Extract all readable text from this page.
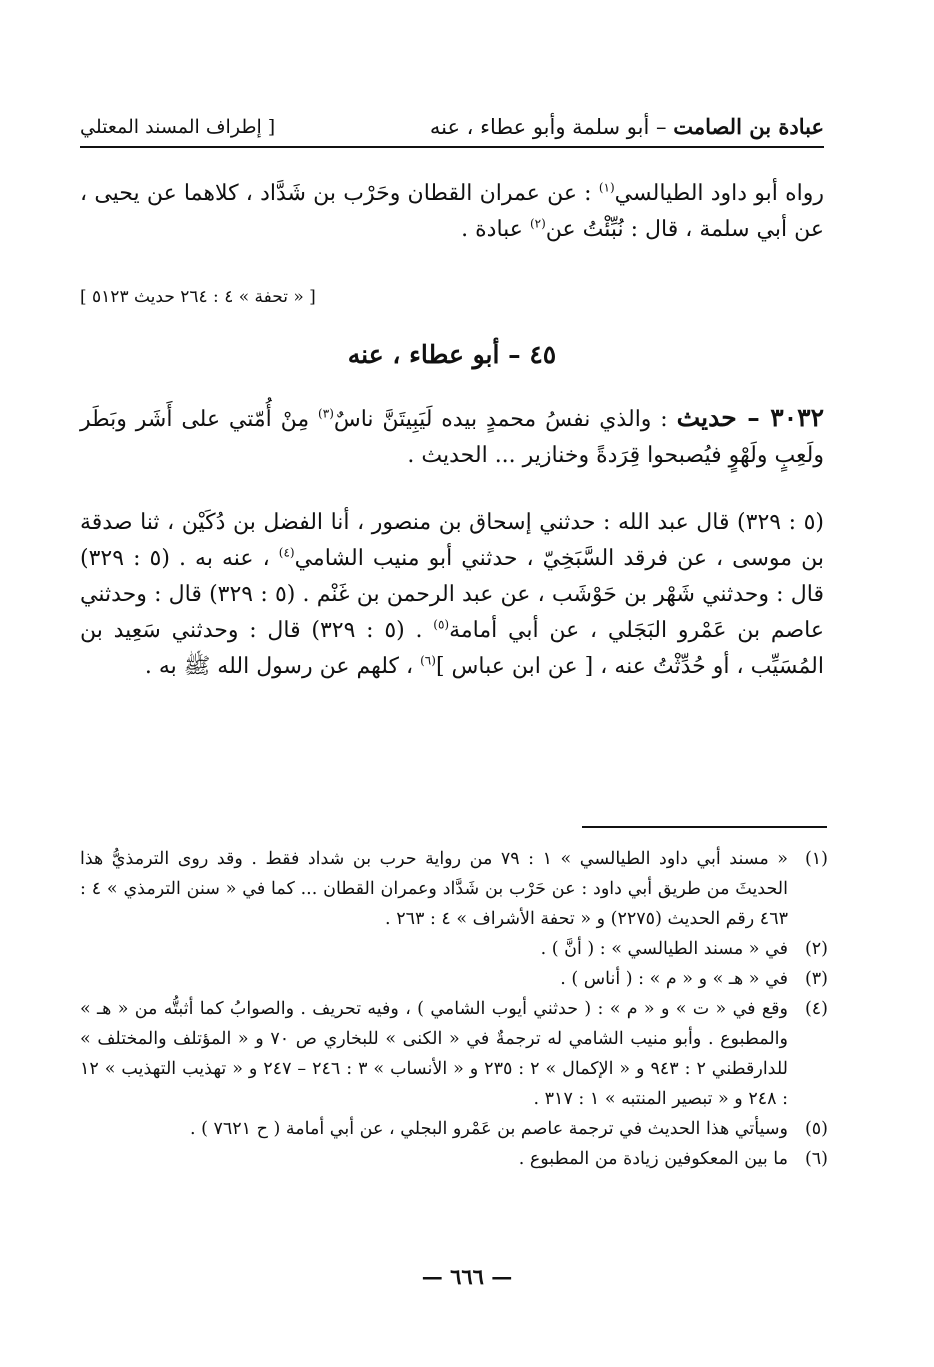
عبادة بن الصامت – أبو سلمة وأبو عطاء ، عنه
[ إطراف المسند المعتلي
رواه أبو داود الطيالسي$^{(١)}$ : عن عمران القطان وحَرْب بن شَدَّاد ، كلاهما عن يحيى ، عن أبي سلمة ، قال : نُبِّئْتُ عن$^{(٢)}$ عبادة .
[ « تحفة » ٤ : ٢٦٤ حديث ٥١٢٣ ]
٤٥ – أبو عطاء ، عنه
٣٠٣٢ – حديث : والذي نفسُ محمدٍ بيده لَيَبِيتَنَّ ناسٌ$^{(٣)}$ مِنْ أُمّتي على أَشَر وبَطَر ولَعِبٍ ولَهْوٍ فيُصبحوا قِرَدةً وخنازير ... الحديث .
(٥ : ٣٢٩) قال عبد الله : حدثني إسحاق بن منصور ، أنا الفضل بن دُكَيْن ، ثنا صدقة بن موسى ، عن فرقد السَّبَخِيّ ، حدثني أبو منيب الشامي$^{(٤)}$ ، عنه به . (٥ : ٣٢٩) قال : وحدثني شَهْر بن حَوْشَب ، عن عبد الرحمن بن غَنْم . (٥ : ٣٢٩) قال : وحدثني عاصم بن عَمْرو البَجَلي ، عن أبي أمامة$^{(٥)}$ . (٥ : ٣٢٩) قال : وحدثني سَعِيد بن المُسَيِّب ، أو حُدِّثْتُ عنه ، [ عن ابن عباس ]$^{(٦)}$ ، كلهم عن رسول الله ﷺ به .
(١)
« مسند أبي داود الطيالسي » ١ : ٧٩ من رواية حرب بن شداد فقط . وقد روى الترمذيُّ هذا الحديثَ من طريق أبي داود : عن حَرْب بن شَدَّاد وعمران القطان ... كما في « سنن الترمذي » ٤ : ٤٦٣ رقم الحديث (٢٢٧٥) و « تحفة الأشراف » ٤ : ٢٦٣ .
(٢)
في « مسند الطيالسي » : ( أنَّ ) .
(٣)
في « هـ » و « م » : ( أناس ) .
(٤)
وقع في « ت » و « م » : ( حدثني أيوب الشامي ) ، وفيه تحريف . والصوابُ كما أثبتُّه من « هـ » والمطبوع . وأبو منيب الشامي له ترجمةٌ في « الكنى » للبخاري ص ٧٠ و « المؤتلف والمختلف » للدارقطني ٢ : ٩٤٣ و « الإكمال » ٢ : ٢٣٥ و « الأنساب » ٣ : ٢٤٦ – ٢٤٧ و « تهذيب التهذيب » ١٢ : ٢٤٨ و « تبصير المنتبه » ١ : ٣١٧ .
(٥)
وسيأتي هذا الحديث في ترجمة عاصم بن عَمْرو البجلي ، عن أبي أمامة ( ح ٧٦٢١ ) .
(٦)
ما بين المعكوفين زيادة من المطبوع .
— ٦٦٦ —
